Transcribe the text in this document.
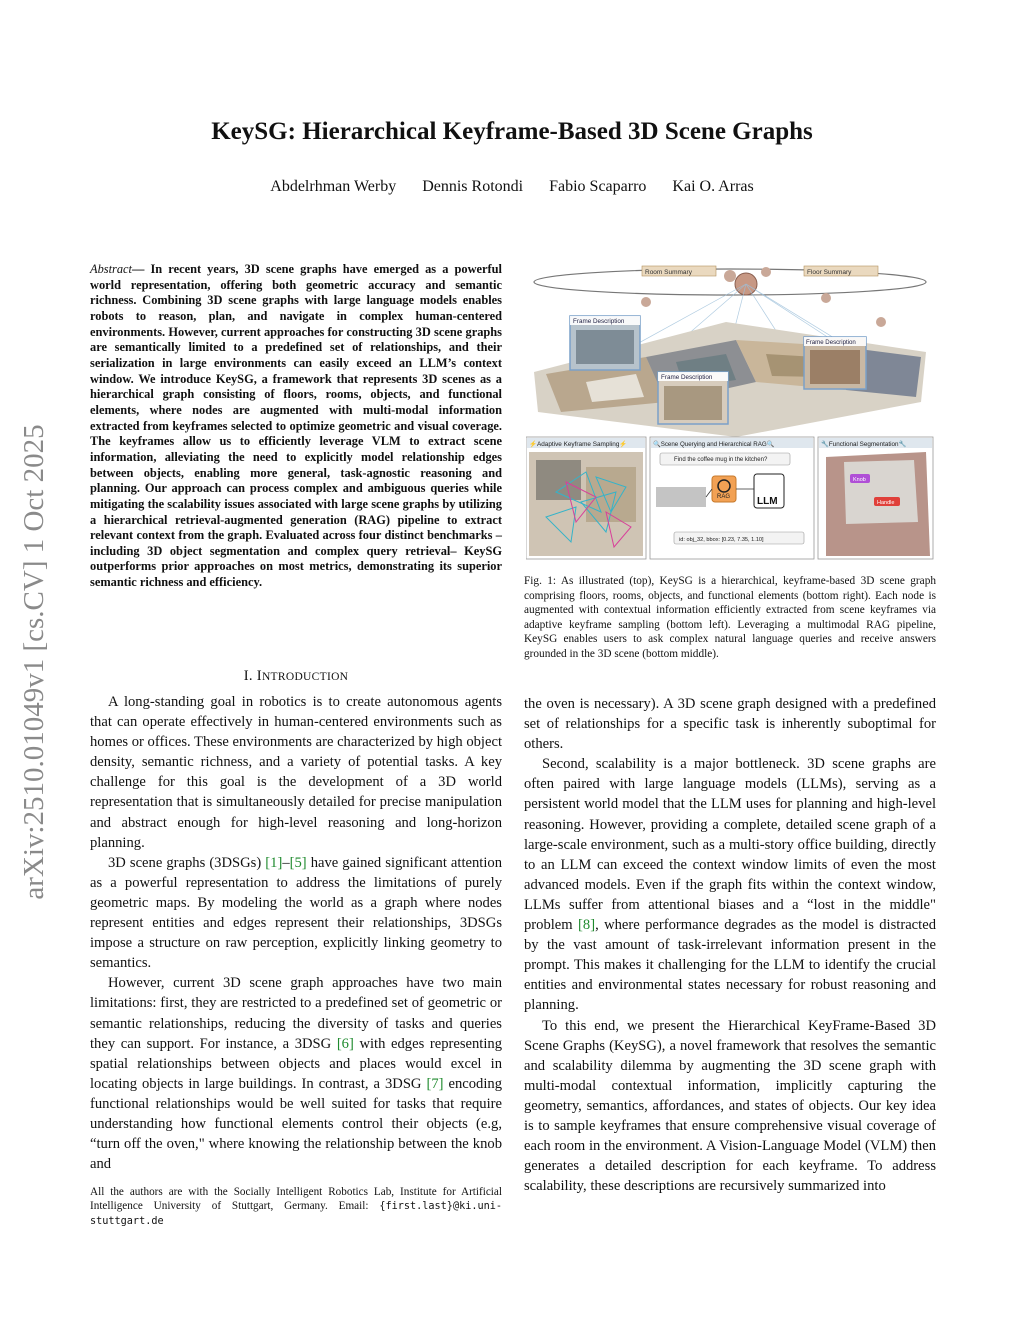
arXiv:2510.01049v1 [cs.CV] 1 Oct 2025
KeySG: Hierarchical Keyframe-Based 3D Scene Graphs
Abdelrhman Werby Dennis Rotondi Fabio Scaparro Kai O. Arras
Abstract— In recent years, 3D scene graphs have emerged as a powerful world representation, offering both geometric accuracy and semantic richness. Combining 3D scene graphs with large language models enables robots to reason, plan, and navigate in complex human-centered environments. However, current approaches for constructing 3D scene graphs are semantically limited to a predefined set of relationships, and their serialization in large environments can easily exceed an LLM’s context window. We introduce KeySG, a framework that represents 3D scenes as a hierarchical graph consisting of floors, rooms, objects, and functional elements, where nodes are augmented with multi-modal information extracted from keyframes selected to optimize geometric and visual coverage. The keyframes allow us to efficiently leverage VLM to extract scene information, alleviating the need to explicitly model relationship edges between objects, enabling more general, task-agnostic reasoning and planning. Our approach can process complex and ambiguous queries while mitigating the scalability issues associated with large scene graphs by utilizing a hierarchical retrieval-augmented generation (RAG) pipeline to extract relevant context from the graph. Evaluated across four distinct benchmarks –including 3D object segmentation and complex query retrieval– KeySG outperforms prior approaches on most metrics, demonstrating its superior semantic richness and efficiency.
I. INTRODUCTION

A long-standing goal in robotics is to create autonomous agents that can operate effectively in human-centered environments such as homes or offices. These environments are characterized by high object density, semantic richness, and a variety of potential tasks. A key challenge for this goal is the development of a 3D world representation that is simultaneously detailed for precise manipulation and abstract enough for high-level reasoning and long-horizon planning.

3D scene graphs (3DSGs) [1]–[5] have gained significant attention as a powerful representation to address the limitations of purely geometric maps. By modeling the world as a graph where nodes represent entities and edges represent their relationships, 3DSGs impose a structure on raw perception, explicitly linking geometry to semantics.

However, current 3D scene graph approaches have two main limitations: first, they are restricted to a predefined set of geometric or semantic relationships, reducing the diversity of tasks and queries they can support. For instance, a 3DSG [6] with edges representing spatial relationships between objects and places would excel in locating objects in large buildings. In contrast, a 3DSG [7] encoding functional relationships would be well suited for tasks that require understanding how functional elements control their objects (e.g, “turn off the oven," where knowing the relationship between the knob and

All the authors are with the Socially Intelligent Robotics Lab, Institute for Artificial Intelligence University of Stuttgart, Germany. Email: {first.last}@ki.uni-stuttgart.de
Room Summary	Floor Summary
Frame Description
Frame Description
Frame Description
⚡Adaptive Keyframe Sampling⚡	🔍Scene Querying and Hierarchical RAG🔍
Find the coffee mug in the kitchen?
RAG	LLM
id: obj_32, bbox: [0.23, 7.35, 1.10]
🔧Functional Segmentation🔧
Knob
Handle
Fig. 1: As illustrated (top), KeySG is a hierarchical, keyframe-based 3D scene graph comprising floors, rooms, objects, and functional elements (bottom right). Each node is augmented with contextual information efficiently extracted from scene keyframes via adaptive keyframe sampling (bottom left). Leveraging a multimodal RAG pipeline, KeySG enables users to ask complex natural language queries and receive answers grounded in the 3D scene (bottom middle).

the oven is necessary). A 3D scene graph designed with a predefined set of relationships for a specific task is inherently suboptimal for others.

Second, scalability is a major bottleneck. 3D scene graphs are often paired with large language models (LLMs), serving as a persistent world model that the LLM uses for planning and high-level reasoning. However, providing a complete, detailed scene graph of a large-scale environment, such as a multi-story office building, directly to an LLM can exceed the context window limits of even the most advanced models. Even if the graph fits within the context window, LLMs suffer from attentional biases and a “lost in the middle" problem [8], where performance degrades as the model is distracted by the vast amount of task-irrelevant information present in the prompt. This makes it challenging for the LLM to identify the crucial entities and environmental states necessary for robust reasoning and planning.

To this end, we present the Hierarchical KeyFrame-Based 3D Scene Graphs (KeySG), a novel framework that resolves the semantic and scalability dilemma by augmenting the 3D scene graph with multi-modal contextual information, implicitly capturing the geometry, semantics, affordances, and states of objects. Our key idea is to sample keyframes that ensure comprehensive visual coverage of each room in the environment. A Vision-Language Model (VLM) then generates a detailed description for each keyframe. To address scalability, these descriptions are recursively summarized into
